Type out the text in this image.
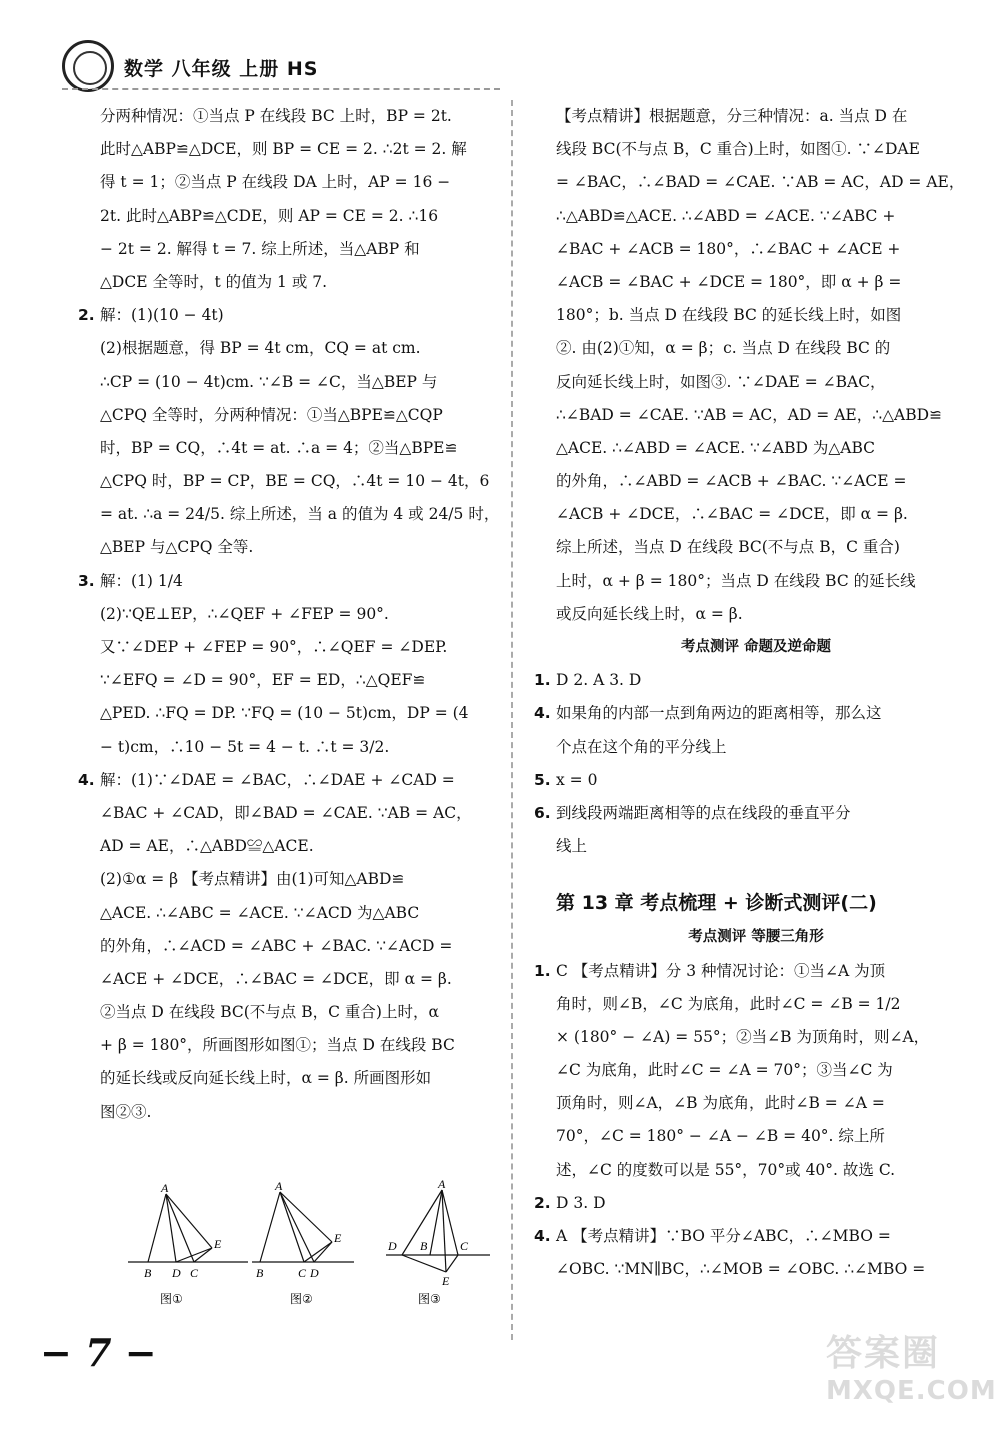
数学 八年级 上册 HS
分两种情况：①当点 P 在线段 BC 上时，BP = 2t.
此时△ABP≌△DCE，则 BP = CE = 2. ∴2t = 2. 解
得 t = 1；②当点 P 在线段 DA 上时，AP = 16 −
2t. 此时△ABP≌△CDE，则 AP = CE = 2. ∴16
− 2t = 2. 解得 t = 7. 综上所述，当△ABP 和
△DCE 全等时，t 的值为 1 或 7.
2. 解：(1)(10 − 4t)
(2)根据题意，得 BP = 4t cm，CQ = at cm.
∴CP = (10 − 4t)cm. ∵∠B = ∠C，当△BEP 与
△CPQ 全等时，分两种情况：①当△BPE≌△CQP
时，BP = CQ，∴4t = at. ∴a = 4；②当△BPE≌
△CPQ 时，BP = CP，BE = CQ，∴4t = 10 − 4t，6
= at. ∴a = 24/5. 综上所述，当 a 的值为 4 或 24/5 时，
△BEP 与△CPQ 全等.
3. 解：(1) 1/4
(2)∵QE⊥EP，∴∠QEF + ∠FEP = 90°.
又∵∠DEP + ∠FEP = 90°，∴∠QEF = ∠DEP.
∵∠EFQ = ∠D = 90°，EF = ED，∴△QEF≌
△PED. ∴FQ = DP. ∵FQ = (10 − 5t)cm，DP = (4
− t)cm，∴10 − 5t = 4 − t. ∴t = 3/2.
4. 解：(1)∵∠DAE = ∠BAC，∴∠DAE + ∠CAD =
∠BAC + ∠CAD，即∠BAD = ∠CAE. ∵AB = AC，
AD = AE，∴△ABD≌△ACE.
(2)①α = β 【考点精讲】由(1)可知△ABD≌
△ACE. ∴∠ABC = ∠ACE. ∵∠ACD 为△ABC
的外角，∴∠ACD = ∠ABC + ∠BAC. ∵∠ACD =
∠ACE + ∠DCE，∴∠BAC = ∠DCE，即 α = β.
②当点 D 在线段 BC(不与点 B，C 重合)上时，α
+ β = 180°，所画图形如图①；当点 D 在线段 BC
的延长线或反向延长线上时，α = β. 所画图形如
图②③.
A
B D C
E
图①
A
B	C D
E
图②
A
D B	C
E
图③
【考点精讲】根据题意，分三种情况：a. 当点 D 在
线段 BC(不与点 B，C 重合)上时，如图①. ∵∠DAE
= ∠BAC，∴∠BAD = ∠CAE. ∵AB = AC，AD = AE，
∴△ABD≌△ACE. ∴∠ABD = ∠ACE. ∵∠ABC +
∠BAC + ∠ACB = 180°，∴∠BAC + ∠ACE +
∠ACB = ∠BAC + ∠DCE = 180°，即 α + β =
180°；b. 当点 D 在线段 BC 的延长线上时，如图
②. 由(2)①知，α = β；c. 当点 D 在线段 BC 的
反向延长线上时，如图③. ∵∠DAE = ∠BAC，
∴∠BAD = ∠CAE. ∵AB = AC，AD = AE，∴△ABD≌
△ACE. ∴∠ABD = ∠ACE. ∵∠ABD 为△ABC
的外角，∴∠ABD = ∠ACB + ∠BAC. ∵∠ACE =
∠ACB + ∠DCE，∴∠BAC = ∠DCE，即 α = β.
综上所述，当点 D 在线段 BC(不与点 B，C 重合)
上时，α + β = 180°；当点 D 在线段 BC 的延长线
或反向延长线上时，α = β.
考点测评 命题及逆命题
1. D 2. A 3. D
4. 如果角的内部一点到角两边的距离相等，那么这
个点在这个角的平分线上
5. x = 0
6. 到线段两端距离相等的点在线段的垂直平分
线上
第 13 章 考点梳理 + 诊断式测评(二)
考点测评 等腰三角形
1. C 【考点精讲】分 3 种情况讨论：①当∠A 为顶
角时，则∠B，∠C 为底角，此时∠C = ∠B = 1/2
× (180° − ∠A) = 55°；②当∠B 为顶角时，则∠A，
∠C 为底角，此时∠C = ∠A = 70°；③当∠C 为
顶角时，则∠A，∠B 为底角，此时∠B = ∠A =
70°，∠C = 180° − ∠A − ∠B = 40°. 综上所
述，∠C 的度数可以是 55°，70°或 40°. 故选 C.
2. D 3. D
4. A 【考点精讲】∵BO 平分∠ABC，∴∠MBO =
∠OBC. ∵MN∥BC，∴∠MOB = ∠OBC. ∴∠MBO =
− 7 −	答案圈
MXQE.COM
